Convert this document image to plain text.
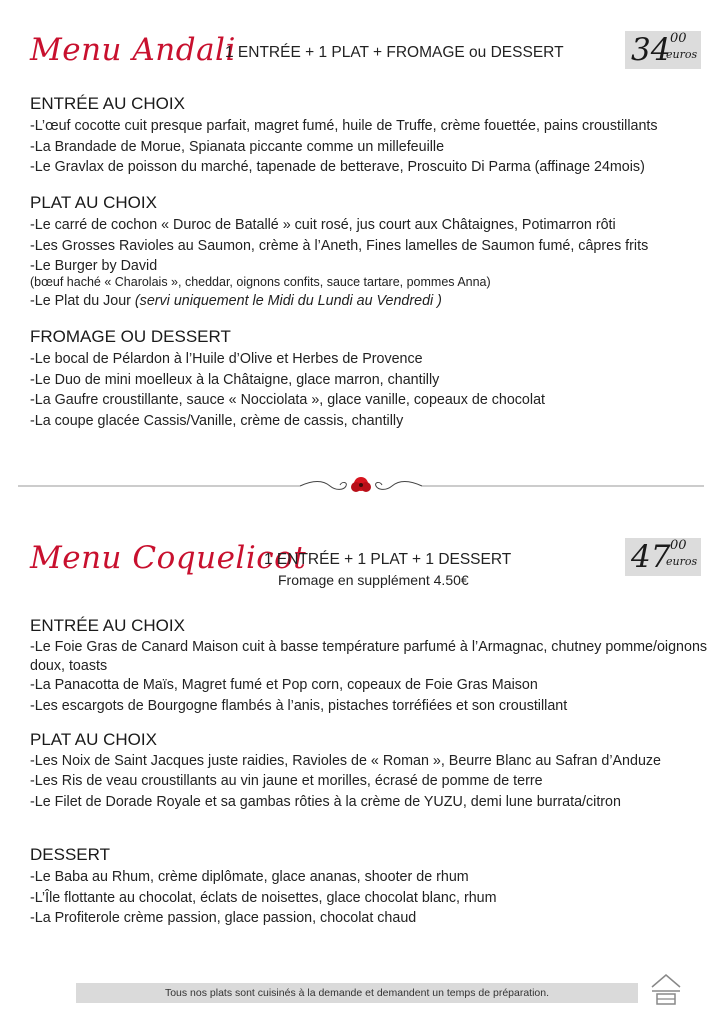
Menu Andali
1 ENTRÉE + 1 PLAT + FROMAGE ou DESSERT 34 00
euros
ENTRÉE AU CHOIX
-L’œuf cocotte cuit presque parfait, magret fumé, huile de Truffe, crème fouettée, pains croustillants
-La Brandade de Morue, Spianata piccante comme un millefeuille
-Le Gravlax de poisson du marché, tapenade de betterave, Proscuito Di Parma (affinage 24mois)
PLAT AU CHOIX
-Le carré de cochon « Duroc de Batallé » cuit rosé, jus court aux Châtaignes, Potimarron rôti
-Les Grosses Ravioles au Saumon, crème à l’Aneth, Fines lamelles de Saumon fumé, câpres frits
-Le Burger by David
(bœuf haché « Charolais », cheddar, oignons confits, sauce tartare, pommes Anna)
-Le Plat du Jour (servi uniquement le Midi du Lundi au Vendredi )
FROMAGE OU DESSERT
-Le bocal de Pélardon à l’Huile d’Olive et Herbes de Provence
-Le Duo de mini moelleux à la Châtaigne, glace marron, chantilly
-La Gaufre croustillante, sauce « Nocciolata », glace vanille, copeaux de chocolat
-La coupe glacée Cassis/Vanille, crème de cassis, chantilly
Menu Coquelicot
1 ENTRÉE + 1 PLAT + 1 DESSERT
Fromage en supplément 4.50€
47 00
euros
ENTRÉE AU CHOIX
-Le Foie Gras de Canard Maison cuit à basse température parfumé à l’Armagnac, chutney pomme/oignons doux, toasts
-La Panacotta de Maïs, Magret fumé et Pop corn, copeaux de Foie Gras Maison
-Les escargots de Bourgogne flambés à l’anis, pistaches torréfiées et son croustillant
PLAT AU CHOIX
-Les Noix de Saint Jacques juste raidies, Ravioles de « Roman », Beurre Blanc au Safran d’Anduze
-Les Ris de veau croustillants au vin jaune et morilles, écrasé de pomme de terre
-Le Filet de Dorade Royale et sa gambas rôties à la crème de YUZU, demi lune burrata/citron
DESSERT
-Le Baba au Rhum, crème diplômate, glace ananas, shooter de rhum
-L’Île flottante au chocolat, éclats de noisettes, glace chocolat blanc, rhum
-La Profiterole crème passion, glace passion, chocolat chaud
Tous nos plats sont cuisinés à la demande et demandent un temps de préparation.
